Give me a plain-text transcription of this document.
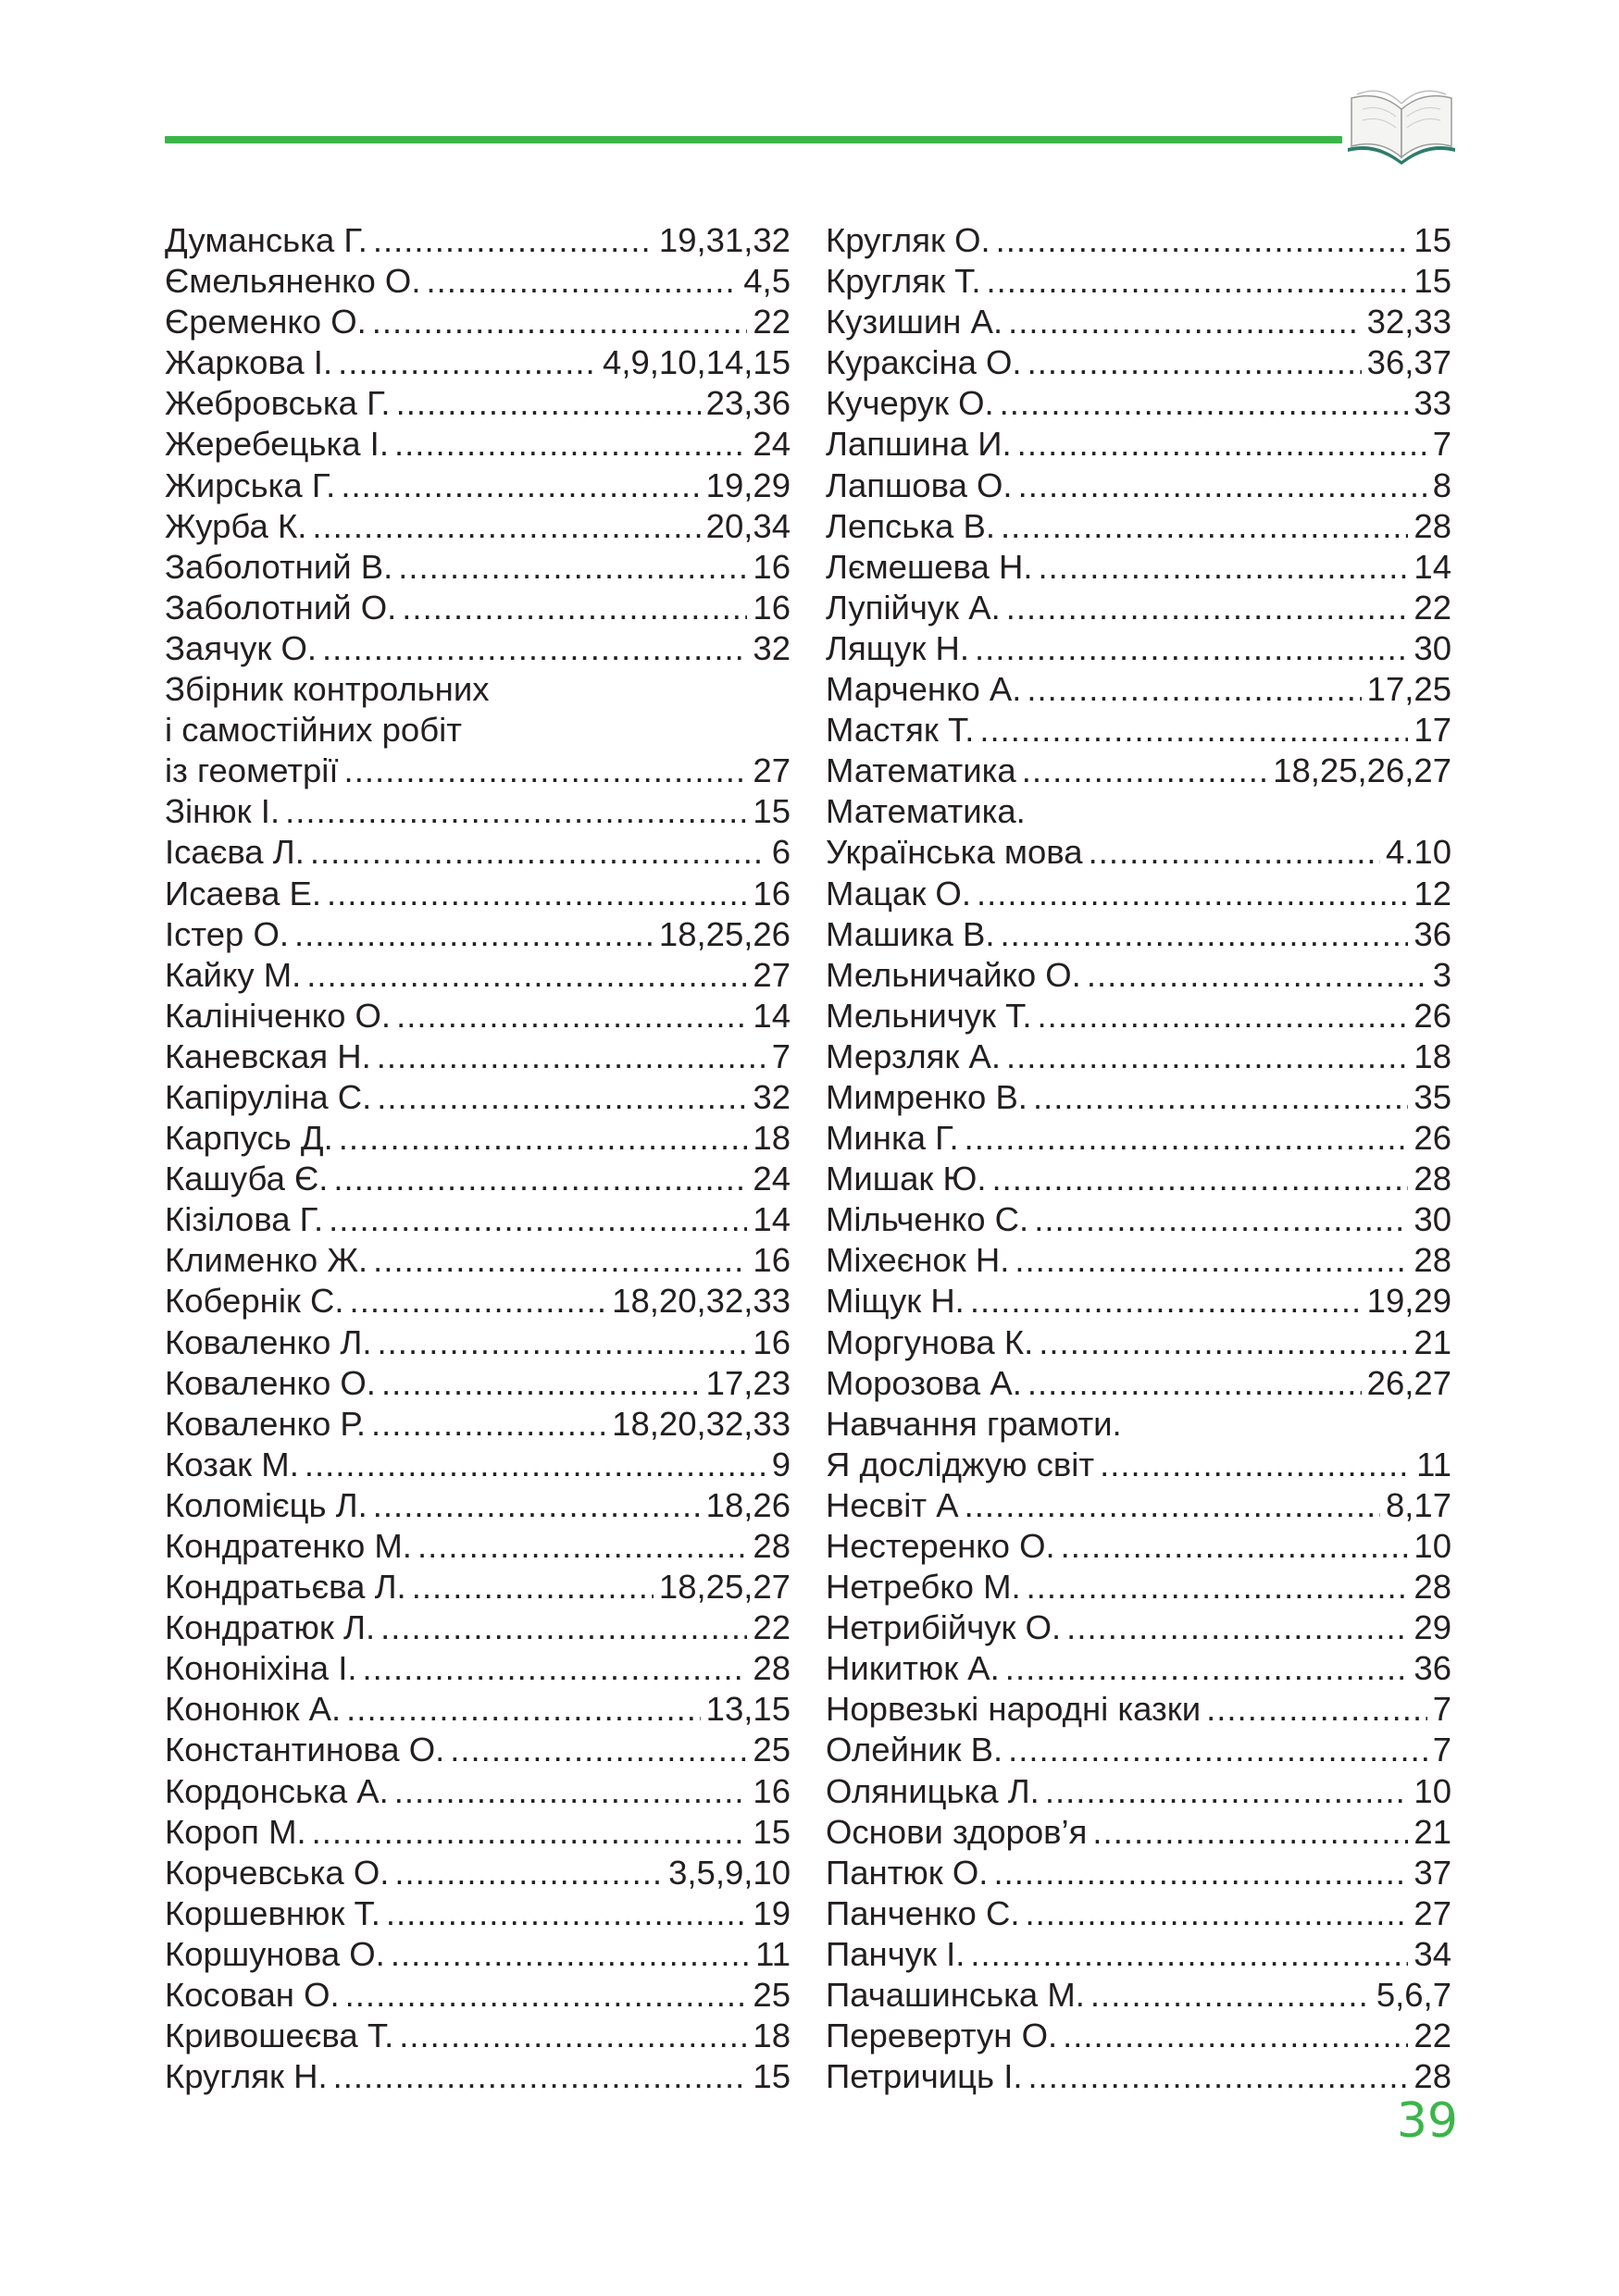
Думанська Г. .....	19,31,32
Ємельяненко О. .....	4,5
Єременко О. .....	22
Жаркова І. .....	4,9,10,14,15
Жебровська Г. .....	23,36
Жеребецька І. .....	24
Жирська Г. .....	19,29
Журба К. .....	20,34
Заболотний В. .....	16
Заболотний О. .....	16
Заячук О. .....	32
Збірник контрольних
і самостійних робіт
із геометрії .....	27
Зінюк І. .....	15
Ісаєва Л. .....	6
Исаева Е. .....	16
Істер О. .....	18,25,26
Кайку М. .....	27
Калініченко О. .....	14
Каневская Н. .....	7
Капіруліна С. .....	32
Карпусь Д. .....	18
Кашуба Є. .....	24
Кізілова Г. .....	14
Клименко Ж. .....	16
Кобернік С. .....	18,20,32,33
Коваленко Л. .....	16
Коваленко О. .....	17,23
Коваленко Р. .....	18,20,32,33
Козак М. .....	9
Коломієць Л. .....	18,26
Кондратенко М. .....	28
Кондратьєва Л. .....	18,25,27
Кондратюк Л. .....	22
Кононіхіна І. .....	28
Кононюк А. .....	13,15
Константинова О. .....	25
Кордонська А. .....	16
Короп М. .....	15
Корчевська О. .....	3,5,9,10
Коршевнюк Т. .....	19
Коршунова О. .....	11
Косован О. .....	25
Кривошеєва Т. .....	18
Кругляк Н. .....	15
Кругляк О. .....	15
Кругляк Т. .....	15
Кузишин А. .....	32,33
Кураксіна О. .....	36,37
Кучерук О. .....	33
Лапшина И. .....	7
Лапшова О. .....	8
Лепська В. .....	28
Лємешева Н. .....	14
Лупійчук А. .....	22
Лящук Н. .....	30
Марченко А. .....	17,25
Мастяк Т. .....	17
Математика .....	18,25,26,27
Математика.
Українська мова .....	4.10
Мацак О. .....	12
Машика В. .....	36
Мельничайко О. .....	3
Мельничук Т. .....	26
Мерзляк А. .....	18
Мимренко В. .....	35
Минка Г. .....	26
Мишак Ю. .....	28
Мільченко С. .....	30
Міхеєнок Н. .....	28
Міщук Н. .....	19,29
Моргунова К. .....	21
Морозова А. .....	26,27
Навчання грамоти.
Я досліджую світ .....	11
Несвіт А .....	8,17
Нестеренко О. .....	10
Нетребко М. .....	28
Нетрибійчук О. .....	29
Никитюк А. .....	36
Норвезькі народні казки .....	7
Олейник В. .....	7
Оляницька Л. .....	10
Основи здоров’я .....	21
Пантюк О. .....	37
Панченко С. .....	27
Панчук І. .....	34
Пачашинська М. .....	5,6,7
Перевертун О. .....	22
Петричиць І. .....	28
39
